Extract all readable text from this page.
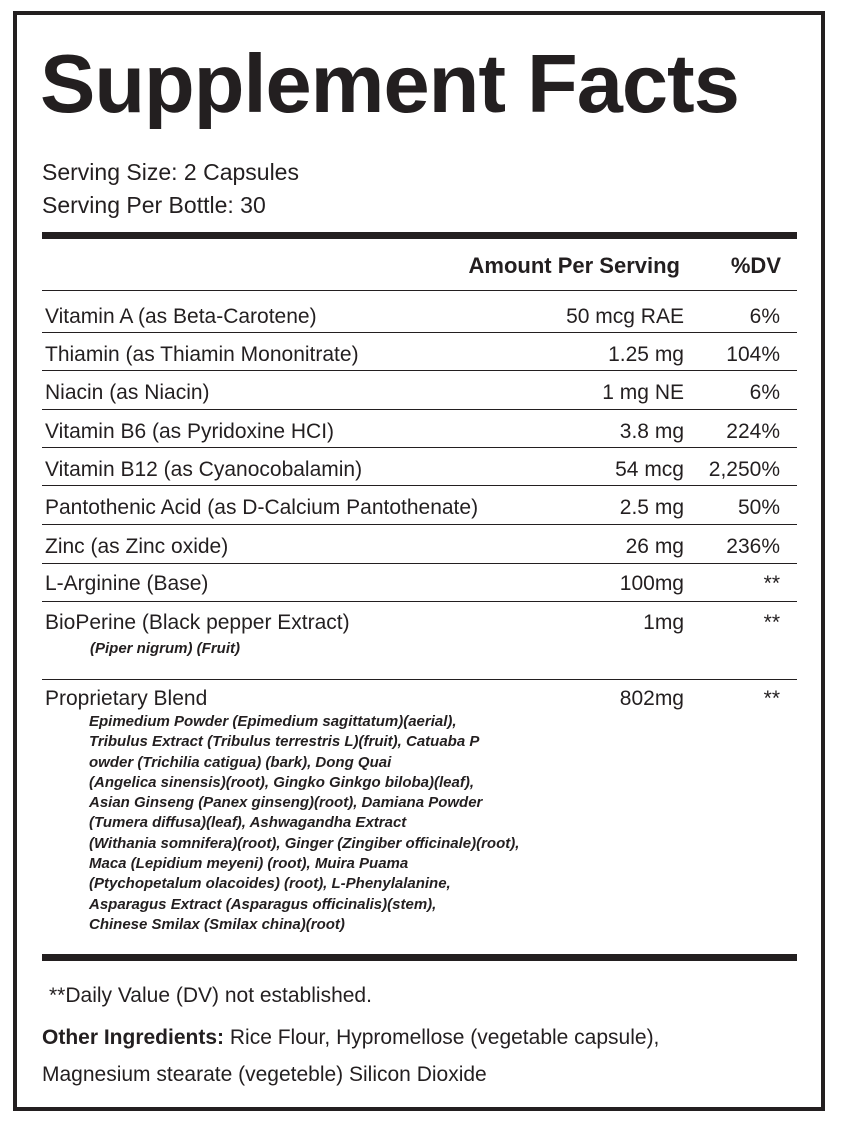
Supplement Facts
Serving Size: 2 Capsules
Serving Per Bottle: 30
Amount Per Serving %DV
Vitamin A (as Beta-Carotene)	50 mcg RAE	6%
Thiamin (as Thiamin Mononitrate)	1.25 mg 104%
Niacin (as Niacin)	1 mg NE	6%
Vitamin B6 (as Pyridoxine HCI)	3.8 mg 224%
Vitamin B12 (as Cyanocobalamin)	54 mcg 2,250%
Pantothenic Acid (as D-Calcium Pantothenate)	2.5 mg	50%
Zinc (as Zinc oxide)	26 mg 236%
L-Arginine (Base)	100mg	**
BioPerine (Black pepper Extract)	1mg	**
(Piper nigrum) (Fruit)
Proprietary Blend	802mg	**
Epimedium Powder (Epimedium sagittatum)(aerial),
Tribulus Extract (Tribulus terrestris L)(fruit), Catuaba P
owder (Trichilia catigua) (bark), Dong Quai
(Angelica sinensis)(root), Gingko Ginkgo biloba)(leaf),
Asian Ginseng (Panex ginseng)(root), Damiana Powder
(Tumera diffusa)(leaf), Ashwagandha Extract
(Withania somnifera)(root), Ginger (Zingiber officinale)(root),
Maca (Lepidium meyeni) (root), Muira Puama
(Ptychopetalum olacoides) (root), L-Phenylalanine,
Asparagus Extract (Asparagus officinalis)(stem),
Chinese Smilax (Smilax china)(root)
**Daily Value (DV) not established.
Other Ingredients: Rice Flour, Hypromellose (vegetable capsule),
Magnesium stearate (vegeteble) Silicon Dioxide
